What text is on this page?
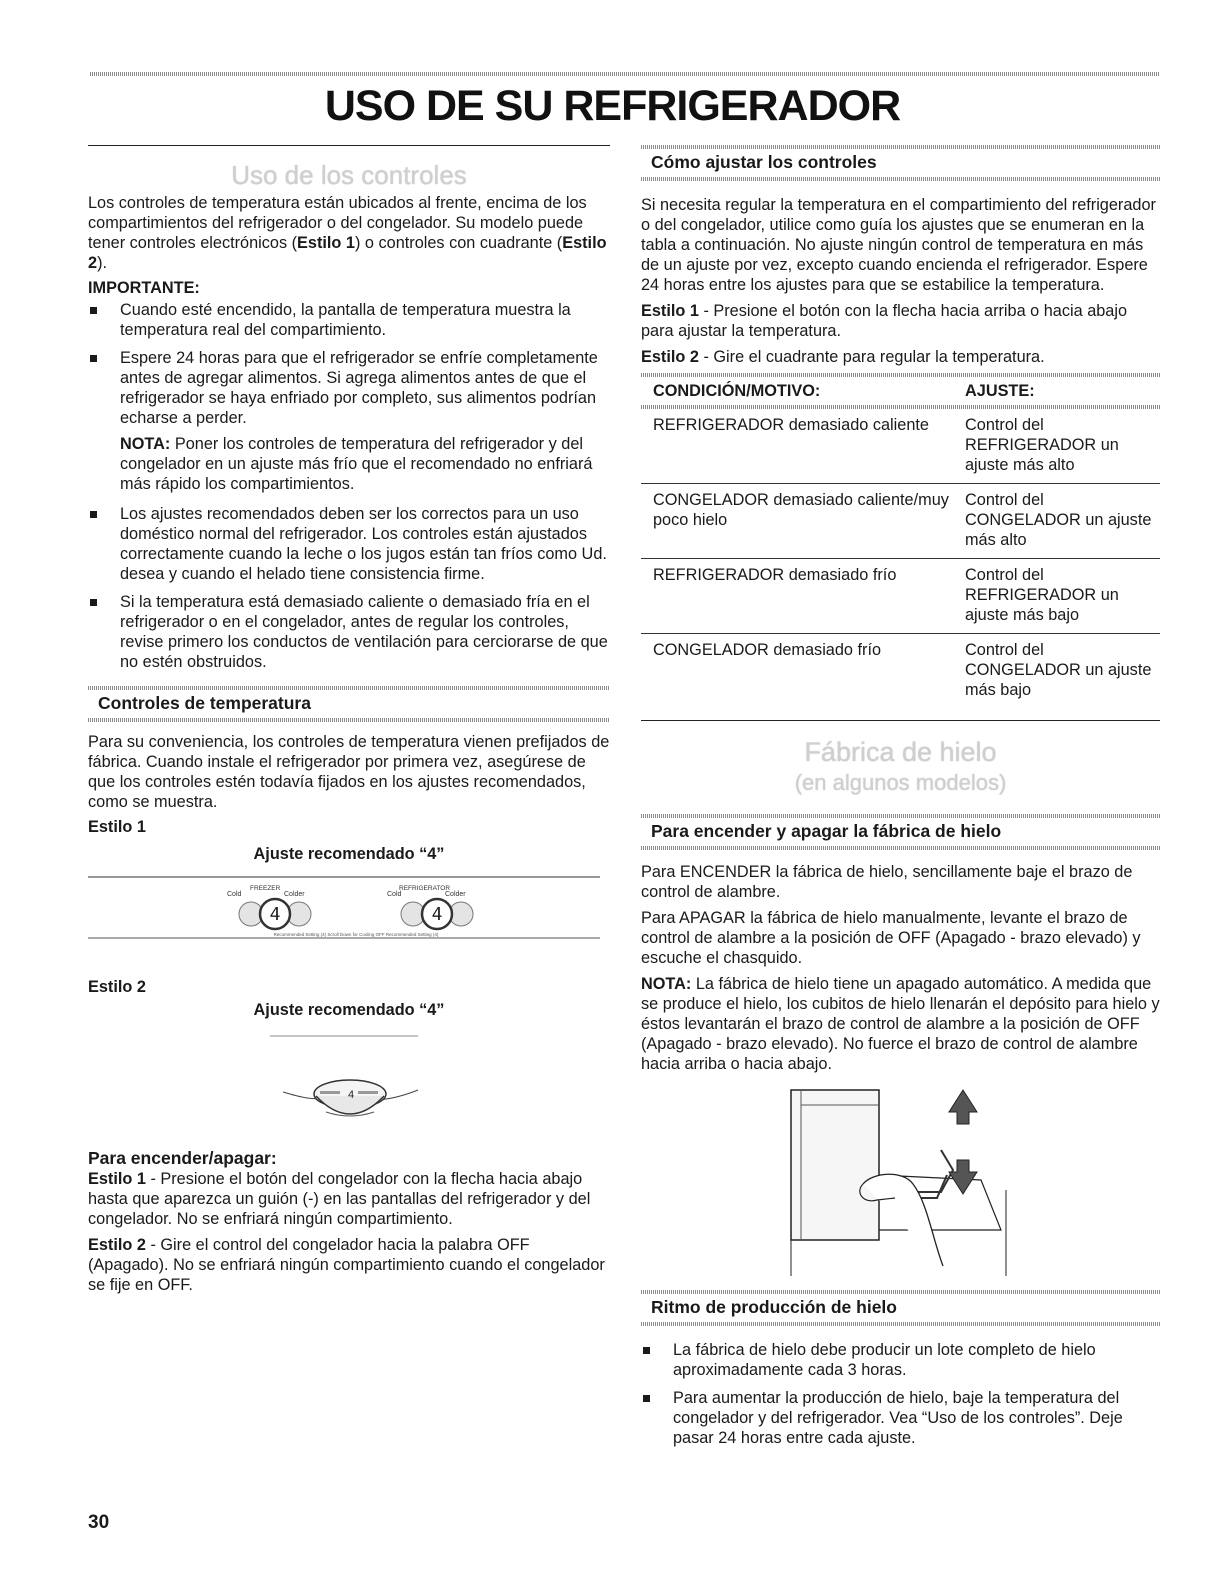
USO DE SU REFRIGERADOR
Uso de los controles

Los controles de temperatura están ubicados al frente, encima de los compartimientos del refrigerador o del congelador. Su modelo puede tener controles electrónicos (Estilo 1) o controles con cuadrante (Estilo 2).

IMPORTANTE:
Cuando esté encendido, la pantalla de temperatura muestra la temperatura real del compartimiento.
Espere 24 horas para que el refrigerador se enfríe completamente antes de agregar alimentos. Si agrega alimentos antes de que el refrigerador se haya enfriado por completo, sus alimentos podrían echarse a perder.

NOTA: Poner los controles de temperatura del refrigerador y del congelador en un ajuste más frío que el recomendado no enfriará más rápido los compartimientos.

Los ajustes recomendados deben ser los correctos para un uso doméstico normal del refrigerador. Los controles están ajustados correctamente cuando la leche o los jugos están tan fríos como Ud. desea y cuando el helado tiene consistencia firme.
Si la temperatura está demasiado caliente o demasiado fría en el refrigerador o en el congelador, antes de regular los controles, revise primero los conductos de ventilación para cerciorarse de que no estén obstruidos.
Controles de temperatura

Para su conveniencia, los controles de temperatura vienen prefijados de fábrica. Cuando instale el refrigerador por primera vez, asegúrese de que los controles estén todavía fijados en los ajustes recomendados, como se muestra.

Estilo 1
Ajuste recomendado “4”
4	4
FREEZER	REFRIGERATOR
Cold	Colder	Cold	Colder
Recommended Setting (4) Scroll Down for Cooling OFF Recommended Setting (4)
Estilo 2
Ajuste recomendado “4”
4
Para encender/apagar:

Estilo 1 - Presione el botón del congelador con la flecha hacia abajo hasta que aparezca un guión (-) en las pantallas del refrigerador y del congelador. No se enfriará ningún compartimiento.

Estilo 2 - Gire el control del congelador hacia la palabra OFF (Apagado). No se enfriará ningún compartimiento cuando el congelador se fije en OFF.

Cómo ajustar los controles

Si necesita regular la temperatura en el compartimiento del refrigerador o del congelador, utilice como guía los ajustes que se enumeran en la tabla a continuación. No ajuste ningún control de temperatura en más de un ajuste por vez, excepto cuando encienda el refrigerador. Espere 24 horas entre los ajustes para que se estabilice la temperatura.

Estilo 1 - Presione el botón con la flecha hacia arriba o hacia abajo para ajustar la temperatura.

Estilo 2 - Gire el cuadrante para regular la temperatura.

CONDICIÓN/MOTIVO:	AJUSTE:

REFRIGERADOR demasiado caliente	Control del REFRIGERADOR un ajuste más alto
CONGELADOR demasiado caliente/muy poco hielo	Control del CONGELADOR un ajuste más alto
REFRIGERADOR demasiado frío	Control del REFRIGERADOR un ajuste más bajo
CONGELADOR demasiado frío	Control del CONGELADOR un ajuste más bajo
Fábrica de hielo
(en algunos modelos)
Para encender y apagar la fábrica de hielo

Para ENCENDER la fábrica de hielo, sencillamente baje el brazo de control de alambre.

Para APAGAR la fábrica de hielo manualmente, levante el brazo de control de alambre a la posición de OFF (Apagado - brazo elevado) y escuche el chasquido.

NOTA: La fábrica de hielo tiene un apagado automático. A medida que se produce el hielo, los cubitos de hielo llenarán el depósito para hielo y éstos levantarán el brazo de control de alambre a la posición de OFF (Apagado - brazo elevado). No fuerce el brazo de control de alambre hacia arriba o hacia abajo.

Ritmo de producción de hielo
La fábrica de hielo debe producir un lote completo de hielo aproximadamente cada 3 horas.
Para aumentar la producción de hielo, baje la temperatura del congelador y del refrigerador. Vea “Uso de los controles”. Deje pasar 24 horas entre cada ajuste.
30
